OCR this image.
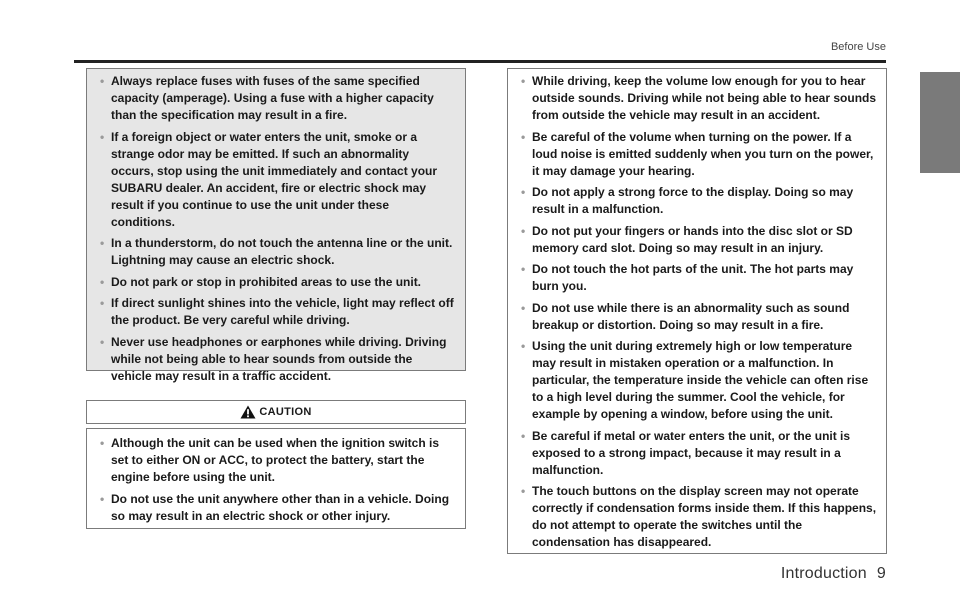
Before Use
• Always replace fuses with fuses of the same specified capacity (amperage). Using a fuse with a higher capacity than the specification may result in a fire.
• If a foreign object or water enters the unit, smoke or a strange odor may be emitted. If such an abnormality occurs, stop using the unit immediately and contact your SUBARU dealer. An accident, fire or electric shock may result if you continue to use the unit under these conditions.
• In a thunderstorm, do not touch the antenna line or the unit. Lightning may cause an electric shock.
• Do not park or stop in prohibited areas to use the unit.
• If direct sunlight shines into the vehicle, light may reflect off the product. Be very careful while driving.
• Never use headphones or earphones while driving. Driving while not being able to hear sounds from outside the vehicle may result in a traffic accident.
CAUTION
• Although the unit can be used when the ignition switch is set to either ON or ACC, to protect the battery, start the engine before using the unit.
• Do not use the unit anywhere other than in a vehicle. Doing so may result in an electric shock or other injury.
• While driving, keep the volume low enough for you to hear outside sounds. Driving while not being able to hear sounds from outside the vehicle may result in an accident.
• Be careful of the volume when turning on the power. If a loud noise is emitted suddenly when you turn on the power, it may damage your hearing.
• Do not apply a strong force to the display. Doing so may result in a malfunction.
• Do not put your fingers or hands into the disc slot or SD memory card slot. Doing so may result in an injury.
• Do not touch the hot parts of the unit. The hot parts may burn you.
• Do not use while there is an abnormality such as sound breakup or distortion. Doing so may result in a fire.
• Using the unit during extremely high or low temperature may result in mistaken operation or a malfunction. In particular, the temperature inside the vehicle can often rise to a high level during the summer. Cool the vehicle, for example by opening a window, before using the unit.
• Be careful if metal or water enters the unit, or the unit is exposed to a strong impact, because it may result in a malfunction.
• The touch buttons on the display screen may not operate correctly if condensation forms inside them. If this happens, do not attempt to operate the switches until the condensation has disappeared.
Introduction 9
